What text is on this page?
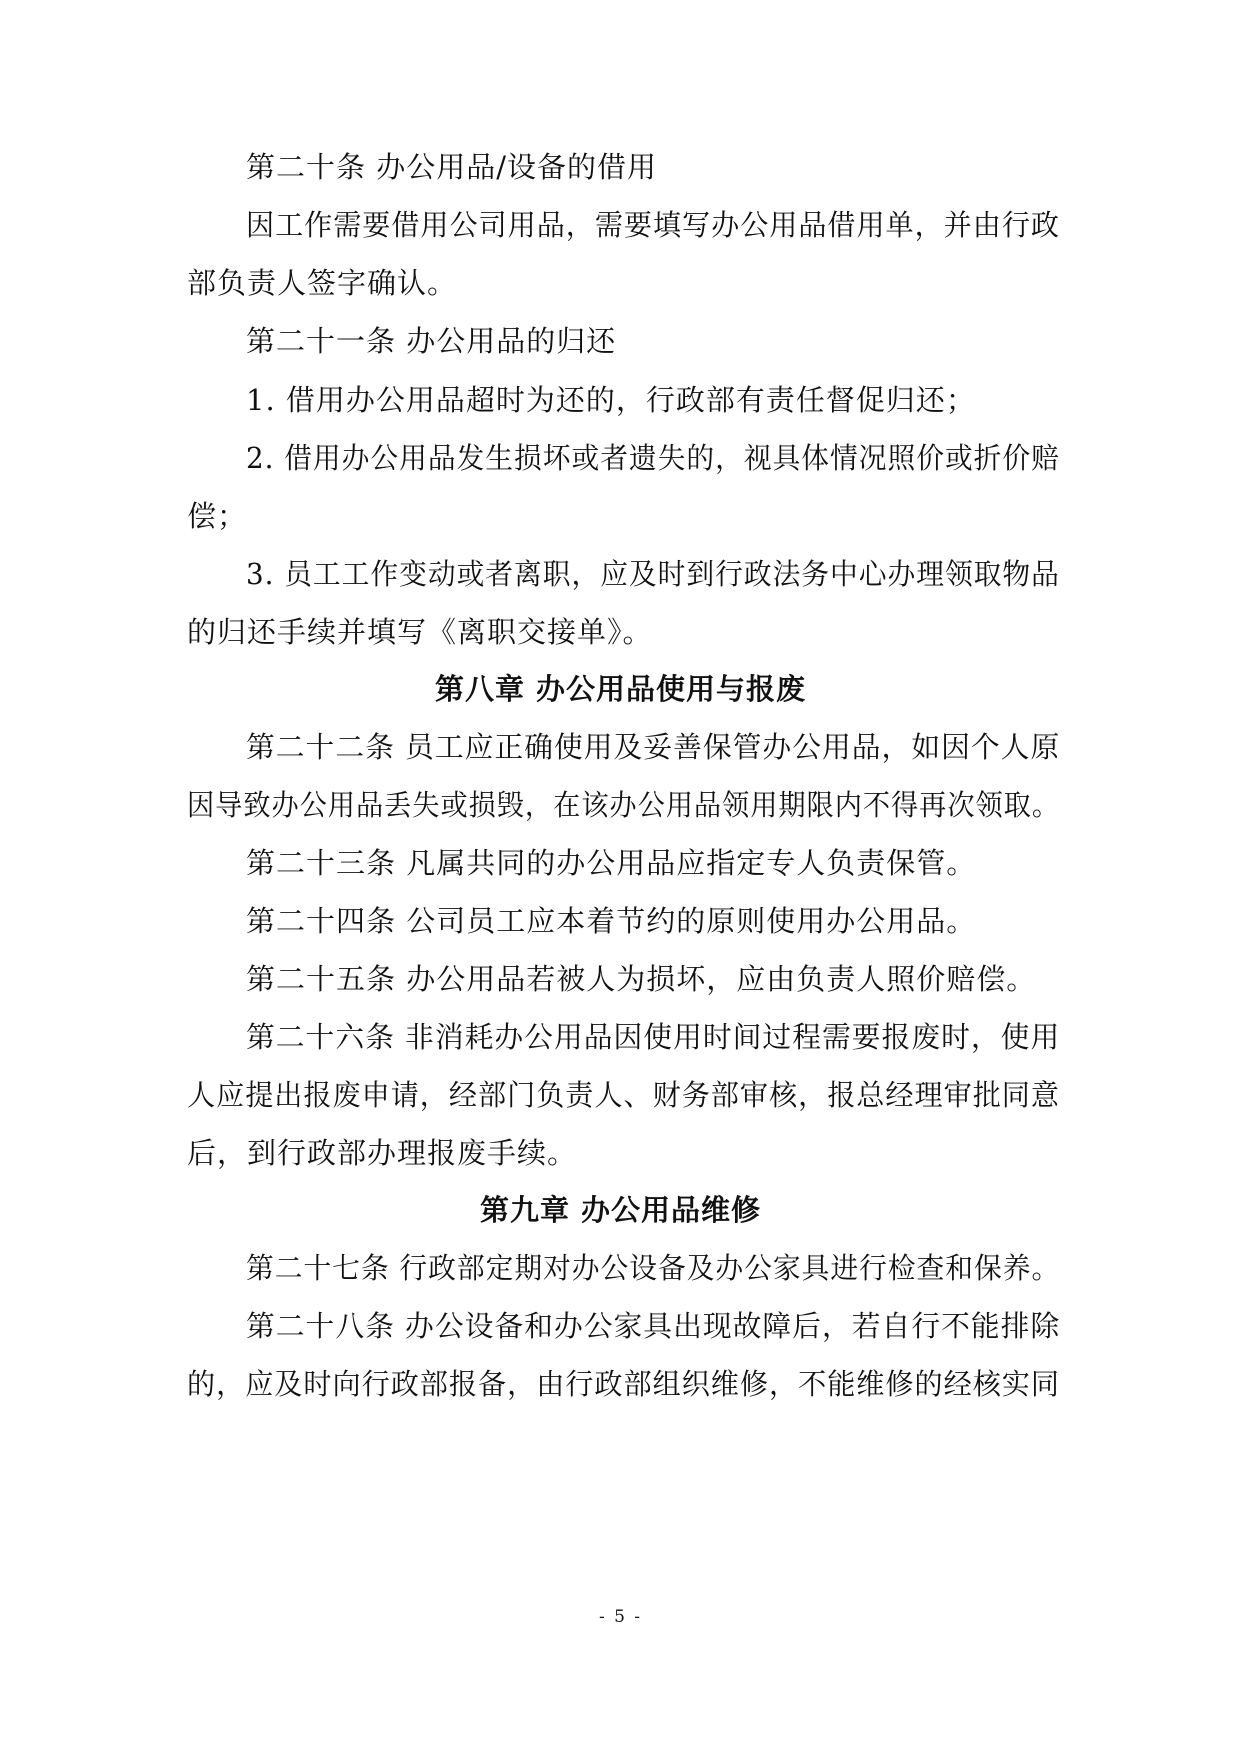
第二十条 办公用品/设备的借用
因工作需要借用公司用品，需要填写办公用品借用单，并由行政
部负责人签字确认。
第二十一条 办公用品的归还
1. 借用办公用品超时为还的，行政部有责任督促归还；
2. 借用办公用品发生损坏或者遗失的，视具体情况照价或折价赔
偿；
3. 员工工作变动或者离职，应及时到行政法务中心办理领取物品
的归还手续并填写《离职交接单》。
第八章 办公用品使用与报废
第二十二条 员工应正确使用及妥善保管办公用品，如因个人原
因导致办公用品丢失或损毁，在该办公用品领用期限内不得再次领取。
第二十三条 凡属共同的办公用品应指定专人负责保管。
第二十四条 公司员工应本着节约的原则使用办公用品。
第二十五条 办公用品若被人为损坏，应由负责人照价赔偿。
第二十六条 非消耗办公用品因使用时间过程需要报废时，使用
人应提出报废申请，经部门负责人、财务部审核，报总经理审批同意
后，到行政部办理报废手续。
第九章 办公用品维修
第二十七条 行政部定期对办公设备及办公家具进行检查和保养。
第二十八条 办公设备和办公家具出现故障后，若自行不能排除
的，应及时向行政部报备，由行政部组织维修，不能维修的经核实同
- 5 -
